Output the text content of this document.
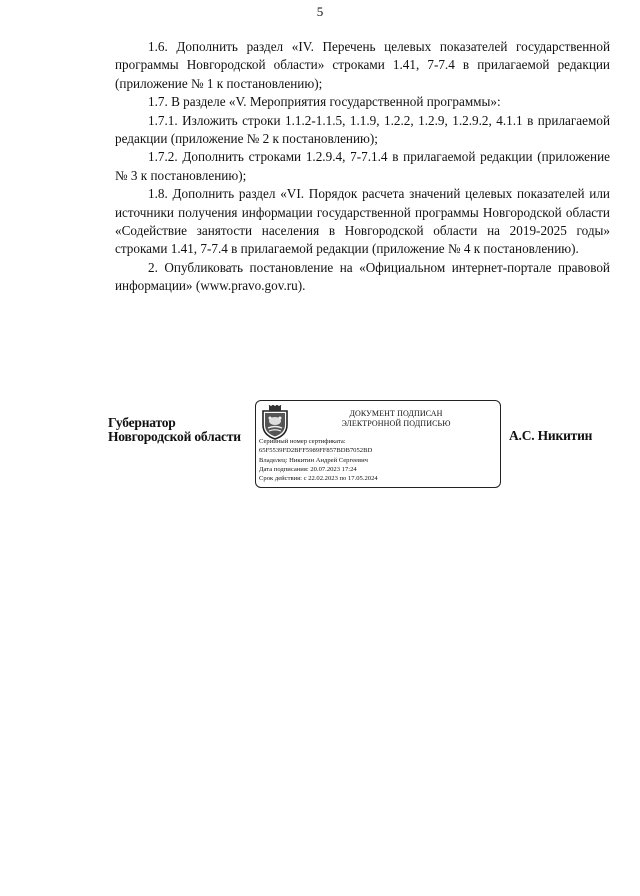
5

1.6. Дополнить раздел «IV. Перечень целевых показателей государственной программы Новгородской области» строками 1.41, 7-7.4 в прилагаемой редакции (приложение № 1 к постановлению);

1.7. В разделе «V. Мероприятия государственной программы»:

1.7.1. Изложить строки 1.1.2-1.1.5, 1.1.9, 1.2.2, 1.2.9, 1.2.9.2, 4.1.1 в прилагаемой редакции (приложение № 2 к постановлению);

1.7.2. Дополнить строками 1.2.9.4, 7-7.1.4 в прилагаемой редакции (приложение № 3 к постановлению);

1.8. Дополнить раздел «VI. Порядок расчета значений целевых показателей или источники получения информации государственной программы Новгородской области «Содействие занятости населения в Новгородской области на 2019-2025 годы» строками 1.41, 7-7.4 в прилагаемой редакции (приложение № 4 к постановлению).

2. Опубликовать постановление на «Официальном интернет-портале правовой информации» (www.pravo.gov.ru).

Губернатор
Новгородской области
ДОКУМЕНТ ПОДПИСАН
ЭЛЕКТРОННОЙ ПОДПИСЬЮ
Серийный номер сертификата:
65F5539FD2BFF5989FF857BDB7052BD
Владелец: Никитин Андрей Сергеевич
Дата подписания: 20.07.2023 17:24
Срок действия: с 22.02.2023 по 17.05.2024
А.С. Никитин
